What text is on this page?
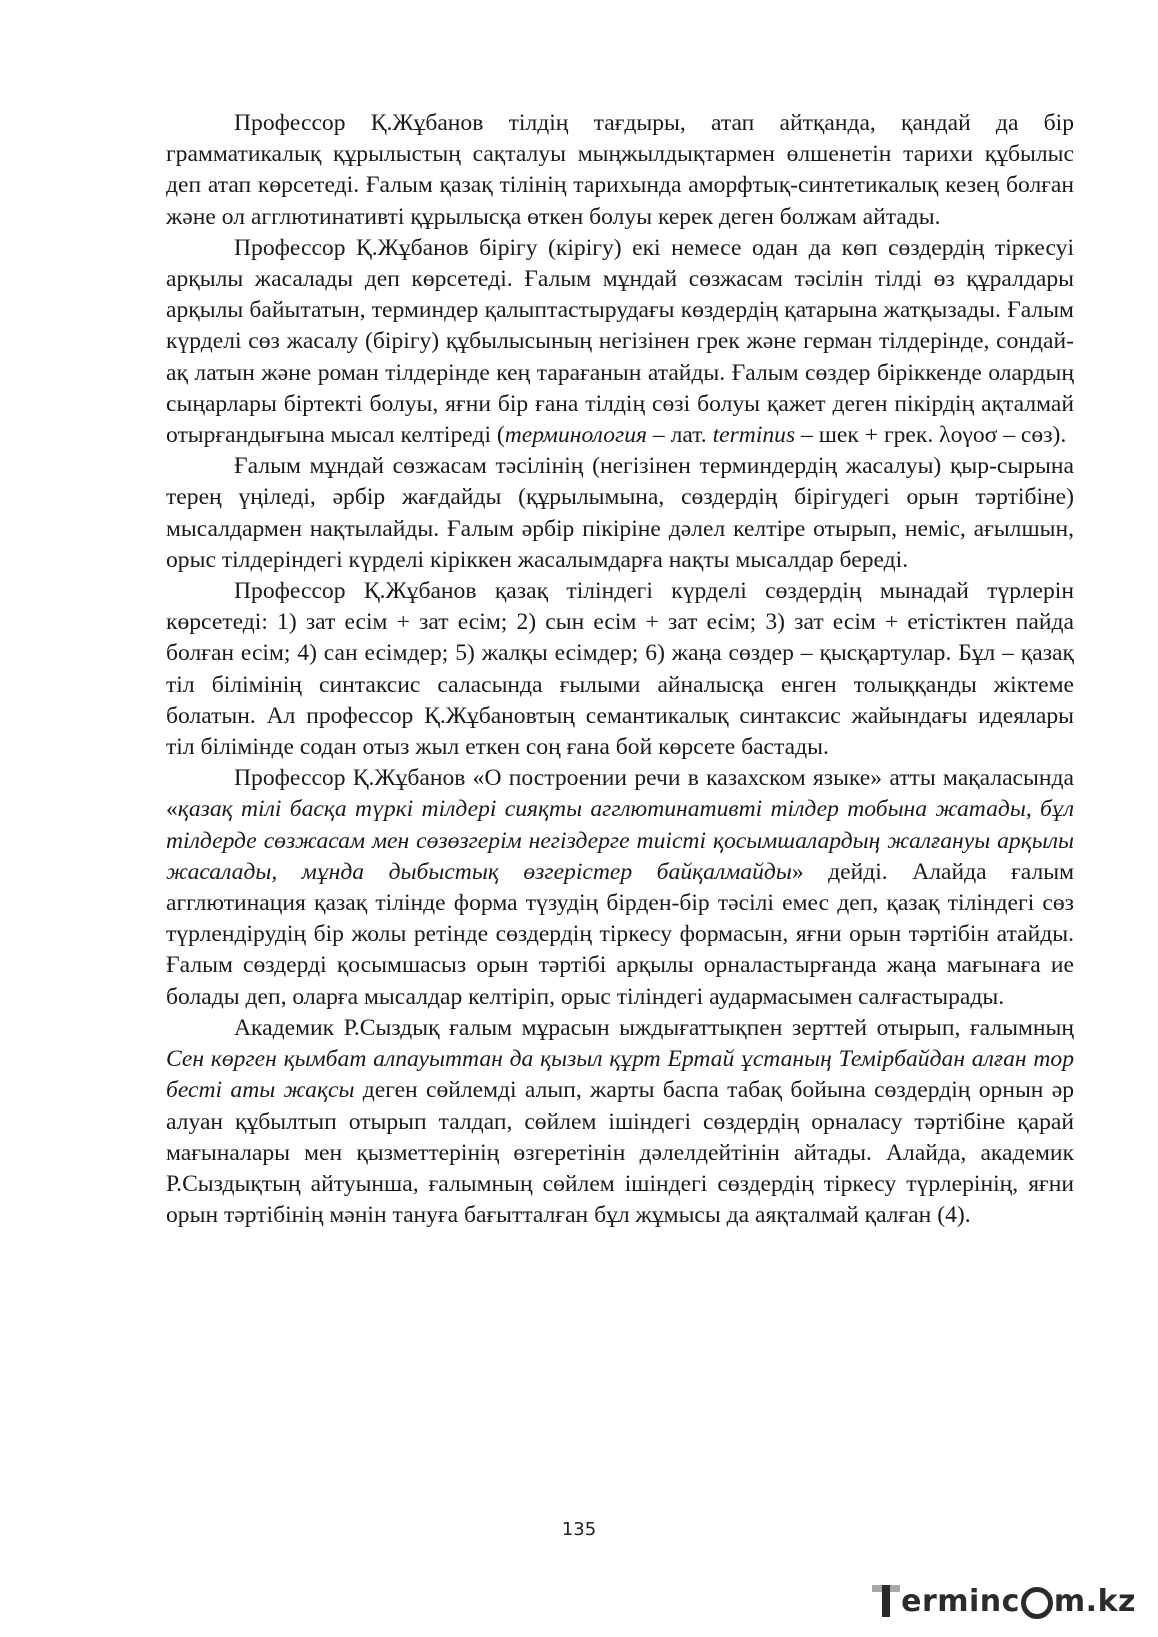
Профессор Қ.Жұбанов тілдің тағдыры, атап айтқанда, қандай да бір грамматикалық құрылыстың сақталуы мыңжылдықтармен өлшенетін тарихи құбылыс деп атап көрсетеді. Ғалым қазақ тілінің тарихында аморфтық-синтетикалық кезең болған және ол агглютинативті құрылысқа өткен болуы керек деген болжам айтады.

Профессор Қ.Жұбанов бірігу (кірігу) екі немесе одан да көп сөздердің тіркесуі арқылы жасалады деп көрсетеді. Ғалым мұндай сөзжасам тәсілін тілді өз құралдары арқылы байытатын, терминдер қалыптастырудағы көздердің қатарына жатқызады. Ғалым күрделі сөз жасалу (бірігу) құбылысының негізінен грек және герман тілдерінде, сондай-ақ латын және роман тілдерінде кең тарағанын атайды. Ғалым сөздер біріккенде олардың сыңарлары біртекті болуы, яғни бір ғана тілдің сөзі болуы қажет деген пікірдің ақталмай отырғандығына мысал келтіреді (терминология – лат. terminus – шек + грек. λογοσ – сөз).

Ғалым мұндай сөзжасам тәсілінің (негізінен терминдердің жасалуы) қыр-сырына терең үңіледі, әрбір жағдайды (құрылымына, сөздердің бірігудегі орын тәртібіне) мысалдармен нақтылайды. Ғалым әрбір пікіріне дәлел келтіре отырып, неміс, ағылшын, орыс тілдеріндегі күрделі кіріккен жасалымдарға нақты мысалдар береді.

Профессор Қ.Жұбанов қазақ тіліндегі күрделі сөздердің мынадай түрлерін көрсетеді: 1) зат есім + зат есім; 2) сын есім + зат есім; 3) зат есім + етістіктен пайда болған есім; 4) сан есімдер; 5) жалқы есімдер; 6) жаңа сөздер – қысқартулар. Бұл – қазақ тіл білімінің синтаксис саласында ғылыми айналысқа енген толыққанды жіктеме болатын. Ал профессор Қ.Жұбановтың семантикалық синтаксис жайындағы идеялары тіл білімінде содан отыз жыл еткен соң ғана бой көрсете бастады.

Профессор Қ.Жұбанов «О построении речи в казахском языке» атты мақаласында «қазақ тілі басқа түркі тілдері сияқты агглютинативті тілдер тобына жатады, бұл тілдерде сөзжасам мен сөзөзгерім негіздерге тиісті қосымшалардың жалғануы арқылы жасалады, мұнда дыбыстық өзгерістер байқалмайды» дейді. Алайда ғалым агглютинация қазақ тілінде форма түзудің бірден-бір тәсілі емес деп, қазақ тіліндегі сөз түрлендірудің бір жолы ретінде сөздердің тіркесу формасын, яғни орын тәртібін атайды. Ғалым сөздерді қосымшасыз орын тәртібі арқылы орналастырғанда жаңа мағынаға ие болады деп, оларға мысалдар келтіріп, орыс тіліндегі аудармасымен салғастырады.

Академик Р.Сыздық ғалым мұрасын ыждығаттықпен зерттей отырып, ғалымның Сен көрген қымбат алпауыттан да қызыл құрт Ертай ұстаның Темірбайдан алған тор бесті аты жақсы деген сөйлемді алып, жарты баспа табақ бойына сөздердің орнын әр алуан құбылтып отырып талдап, сөйлем ішіндегі сөздердің орналасу тәртібіне қарай мағыналары мен қызметтерінің өзгеретінін дәлелдейтінін айтады. Алайда, академик Р.Сыздықтың айтуынша, ғалымның сөйлем ішіндегі сөздердің тіркесу түрлерінің, яғни орын тәртібінің мәнін тануға бағытталған бұл жұмысы да аяқталмай қалған (4).

135
erminc m.kz
